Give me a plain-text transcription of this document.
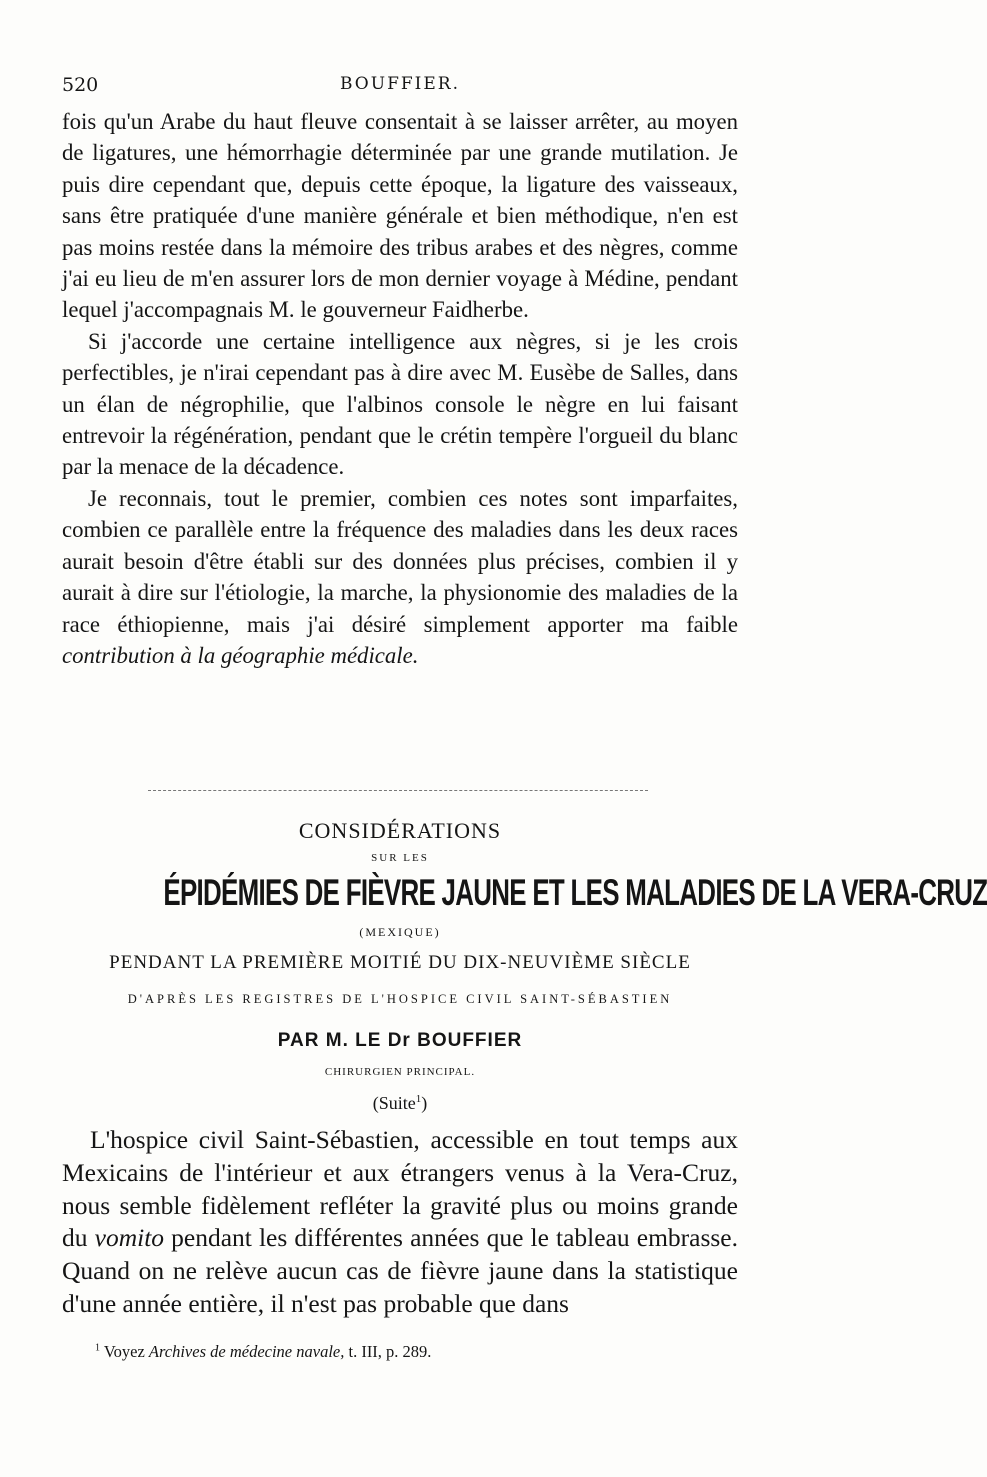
520	BOUFFIER.

fois qu'un Arabe du haut fleuve consentait à se laisser arrêter, au moyen de ligatures, une hémorrhagie déterminée par une grande mutilation. Je puis dire cependant que, depuis cette époque, la ligature des vaisseaux, sans être pratiquée d'une manière générale et bien méthodique, n'en est pas moins restée dans la mémoire des tribus arabes et des nègres, comme j'ai eu lieu de m'en assurer lors de mon dernier voyage à Médine, pendant lequel j'accompagnais M. le gouverneur Faidherbe.

Si j'accorde une certaine intelligence aux nègres, si je les crois perfectibles, je n'irai cependant pas à dire avec M. Eusèbe de Salles, dans un élan de négrophilie, que l'albinos console le nègre en lui faisant entrevoir la régénération, pendant que le crétin tempère l'orgueil du blanc par la menace de la décadence.

Je reconnais, tout le premier, combien ces notes sont imparfaites, combien ce parallèle entre la fréquence des maladies dans les deux races aurait besoin d'être établi sur des données plus précises, combien il y aurait à dire sur l'étiologie, la marche, la physionomie des maladies de la race éthiopienne, mais j'ai désiré simplement apporter ma faible contribution à la géographie médicale.

CONSIDÉRATIONS
SUR LES
ÉPIDÉMIES DE FIÈVRE JAUNE ET LES MALADIES DE LA VERA-CRUZ
(MEXIQUE)
PENDANT LA PREMIÈRE MOITIÉ DU DIX-NEUVIÈME SIÈCLE
D'APRÈS LES REGISTRES DE L'HOSPICE CIVIL SAINT-SÉBASTIEN
PAR M. LE Dr BOUFFIER
CHIRURGIEN PRINCIPAL.
(Suite$^1$)

L'hospice civil Saint-Sébastien, accessible en tout temps aux Mexicains de l'intérieur et aux étrangers venus à la Vera-Cruz, nous semble fidèlement refléter la gravité plus ou moins grande du vomito pendant les différentes années que le tableau embrasse. Quand on ne relève aucun cas de fièvre jaune dans la statistique d'une année entière, il n'est pas probable que dans

$^1$ Voyez Archives de médecine navale, t. III, p. 289.
